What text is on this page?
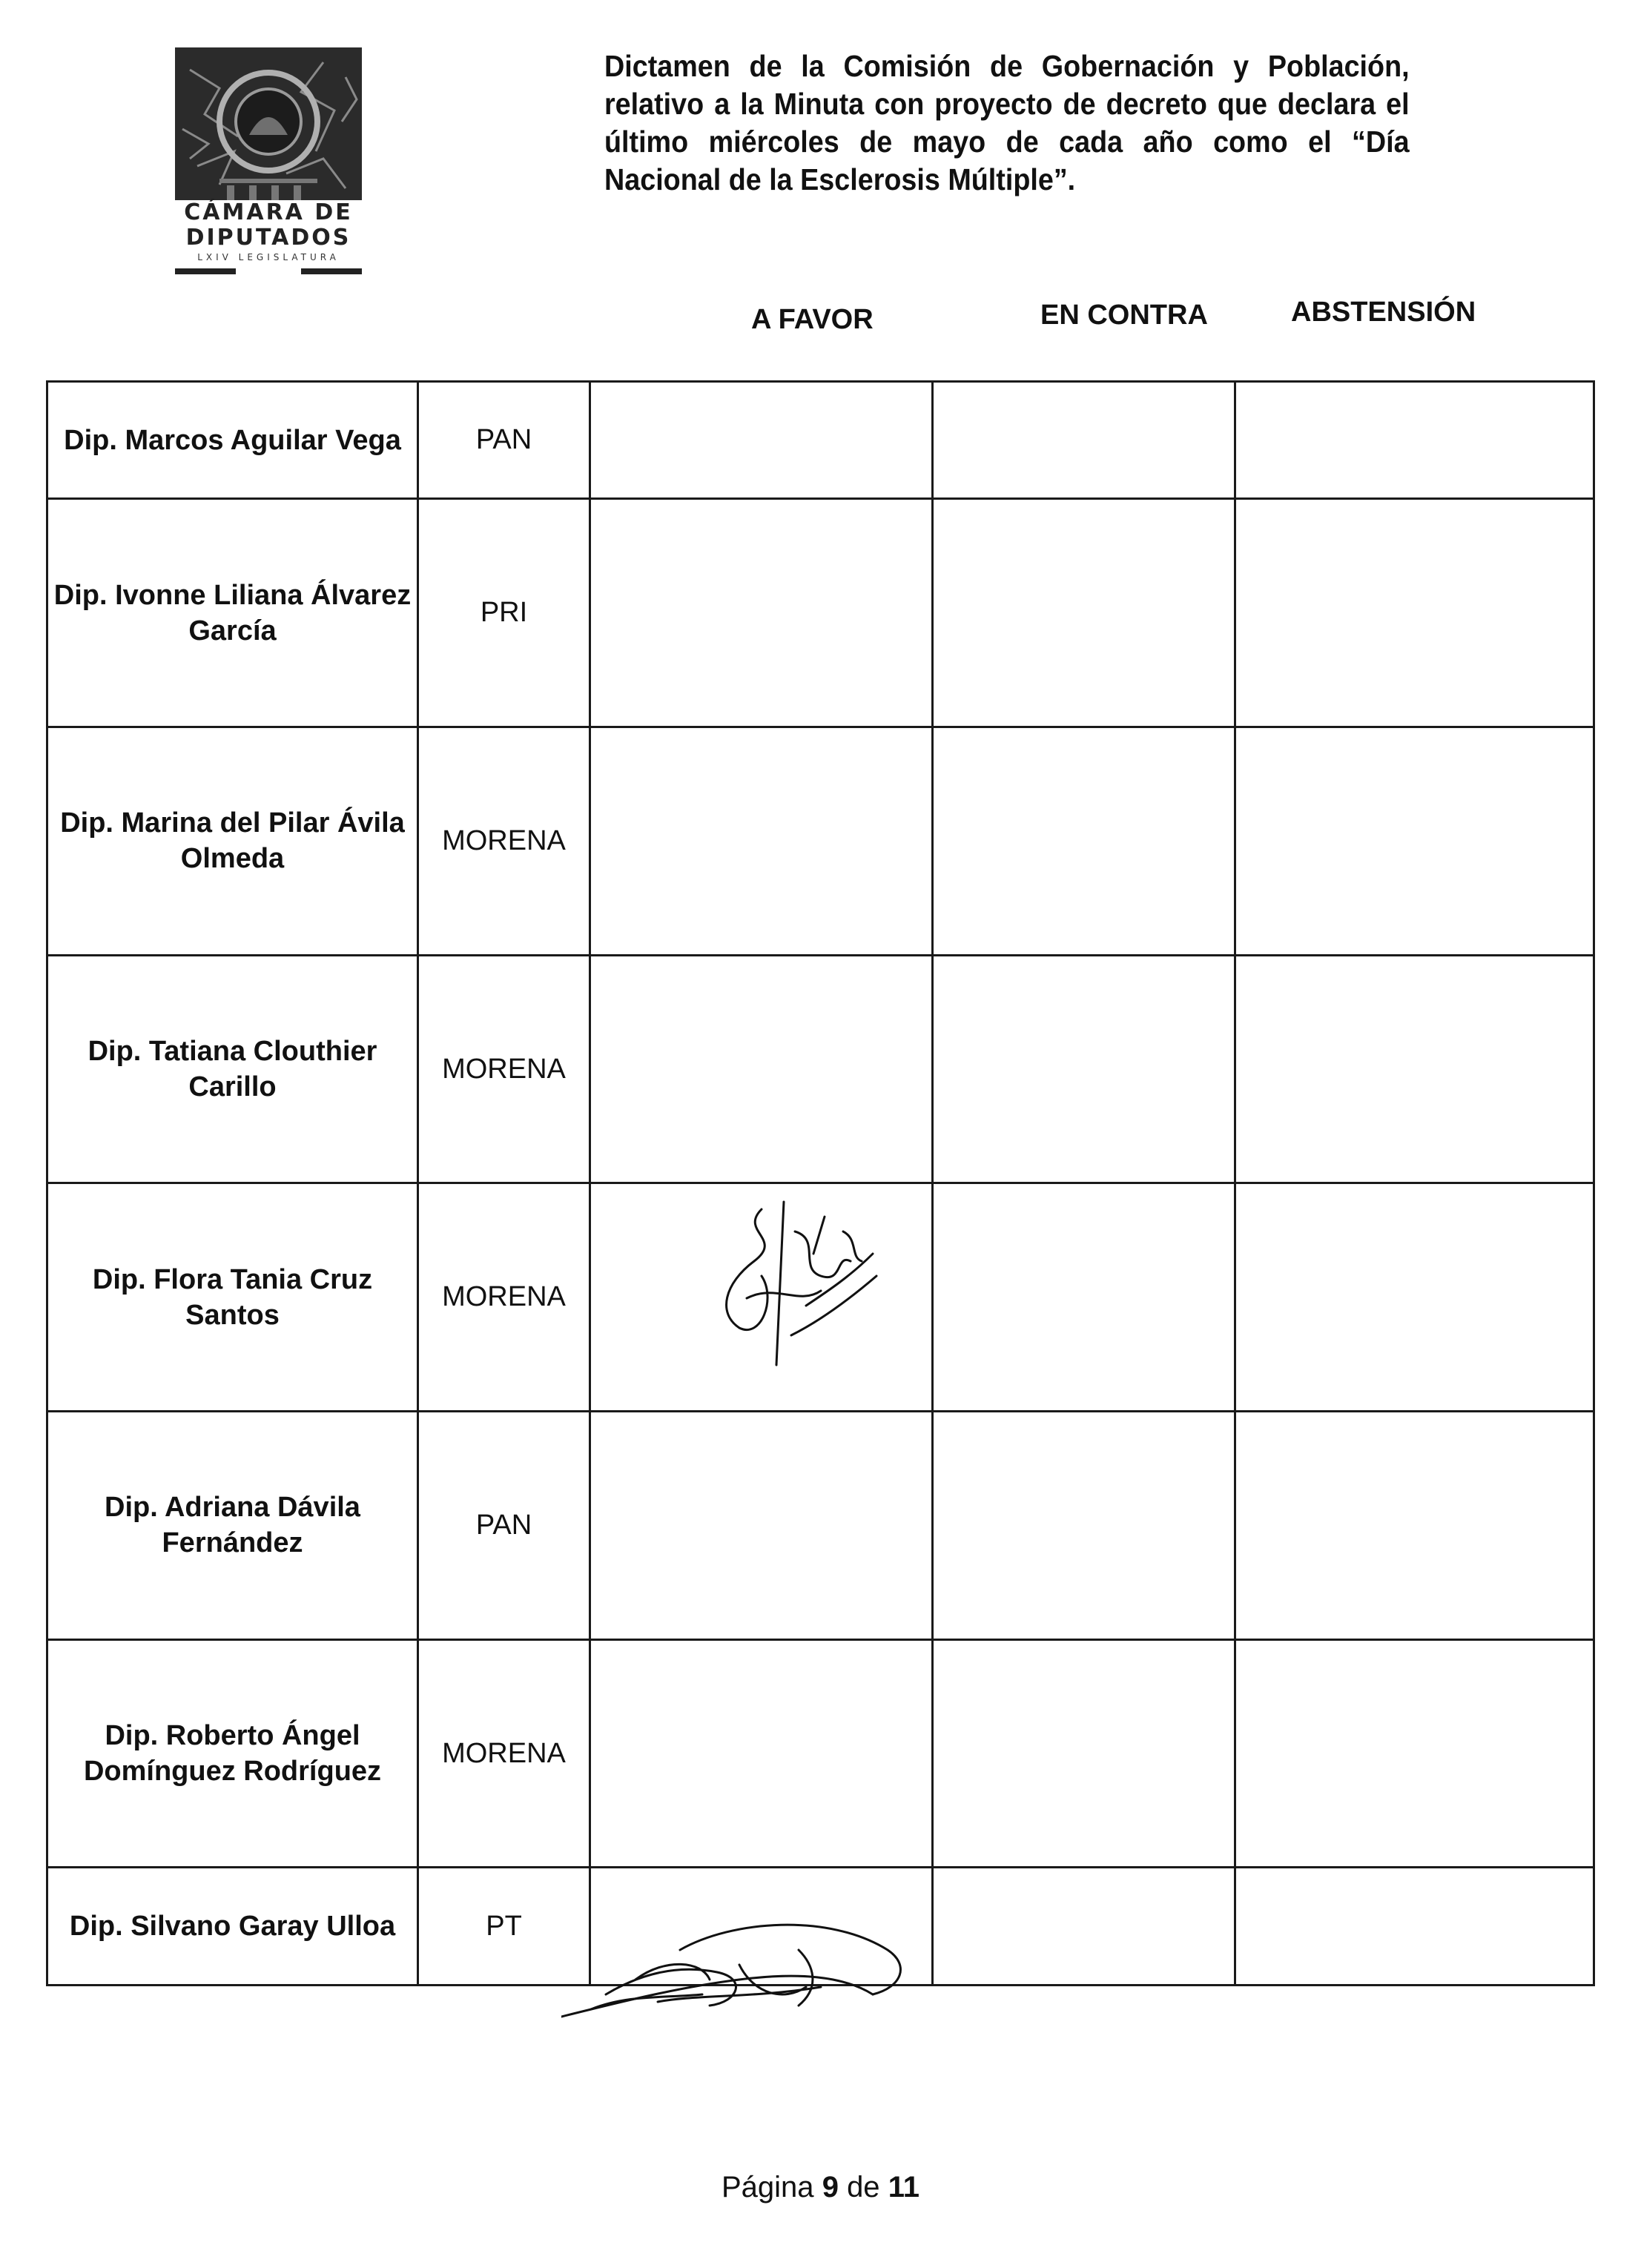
CÁMARA DE DIPUTADOS
LXIV LEGISLATURA
Dictamen de la Comisión de Gobernación y Población, relativo a la Minuta con proyecto de decreto que declara el último miércoles de mayo de cada año como el “Día Nacional de la Esclerosis Múltiple”.
A FAVOR	EN CONTRA	ABSTENSIÓN
Dip. Marcos Aguilar Vega	PAN			
Dip. Ivonne Liliana Álvarez García	PRI			
Dip. Marina del Pilar Ávila Olmeda	MORENA			
Dip. Tatiana Clouthier Carillo	MORENA			
Dip. Flora Tania Cruz Santos	MORENA	

Dip. Adriana Dávila Fernández	PAN			
Dip. Roberto Ángel Domínguez Rodríguez	MORENA			
Dip. Silvano Garay Ulloa	PT	

Página 9 de 11
